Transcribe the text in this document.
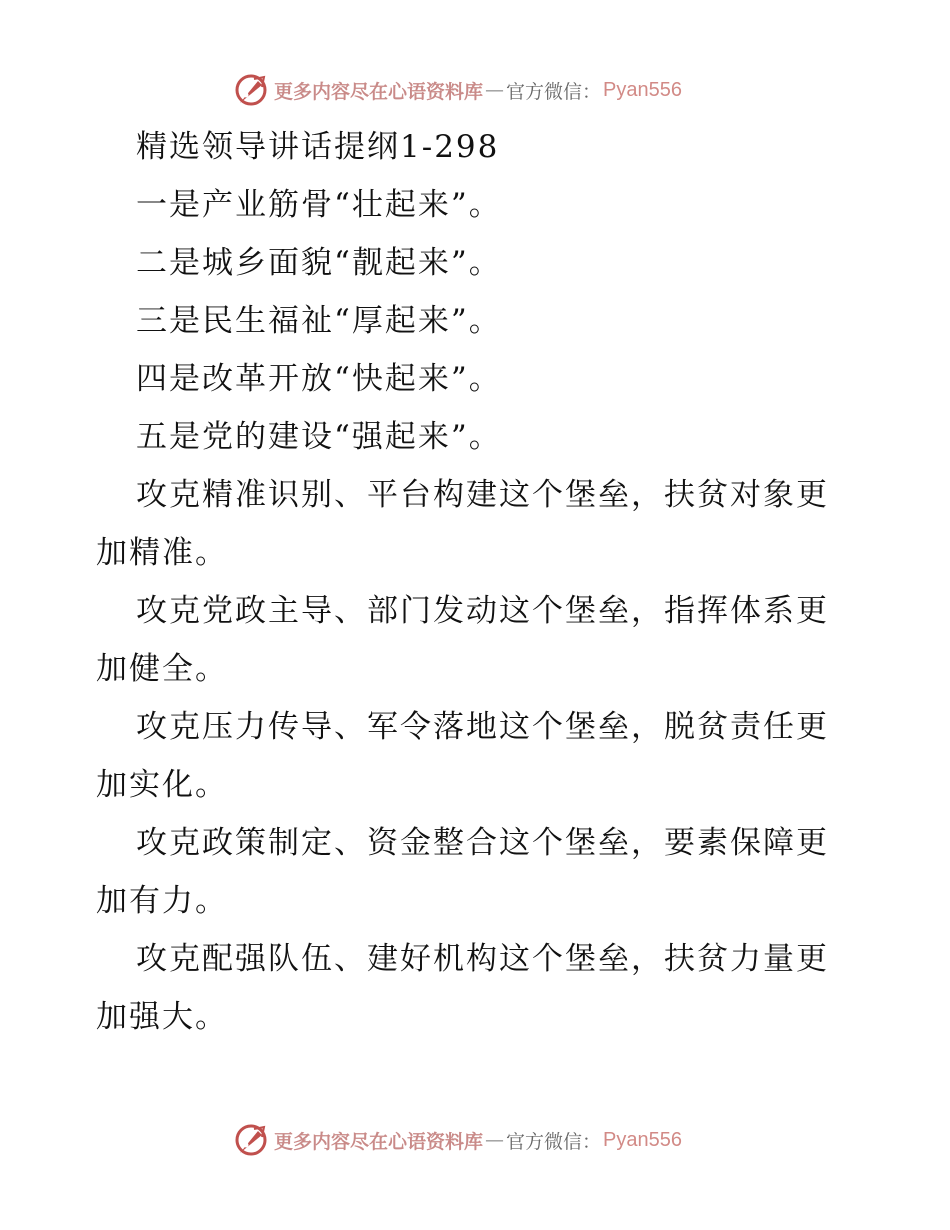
更多内容尽在心语资料库 — 官方微信： Pyan556
精选领导讲话提纲1-298
一是产业筋骨“壮起来”。
二是城乡面貌“靓起来”。
三是民生福祉“厚起来”。
四是改革开放“快起来”。
五是党的建设“强起来”。
攻克精准识别、平台构建这个堡垒，扶贫对象更
加精准。
攻克党政主导、部门发动这个堡垒，指挥体系更
加健全。
攻克压力传导、军令落地这个堡垒，脱贫责任更
加实化。
攻克政策制定、资金整合这个堡垒，要素保障更
加有力。
攻克配强队伍、建好机构这个堡垒，扶贫力量更
加强大。
更多内容尽在心语资料库 — 官方微信： Pyan556
